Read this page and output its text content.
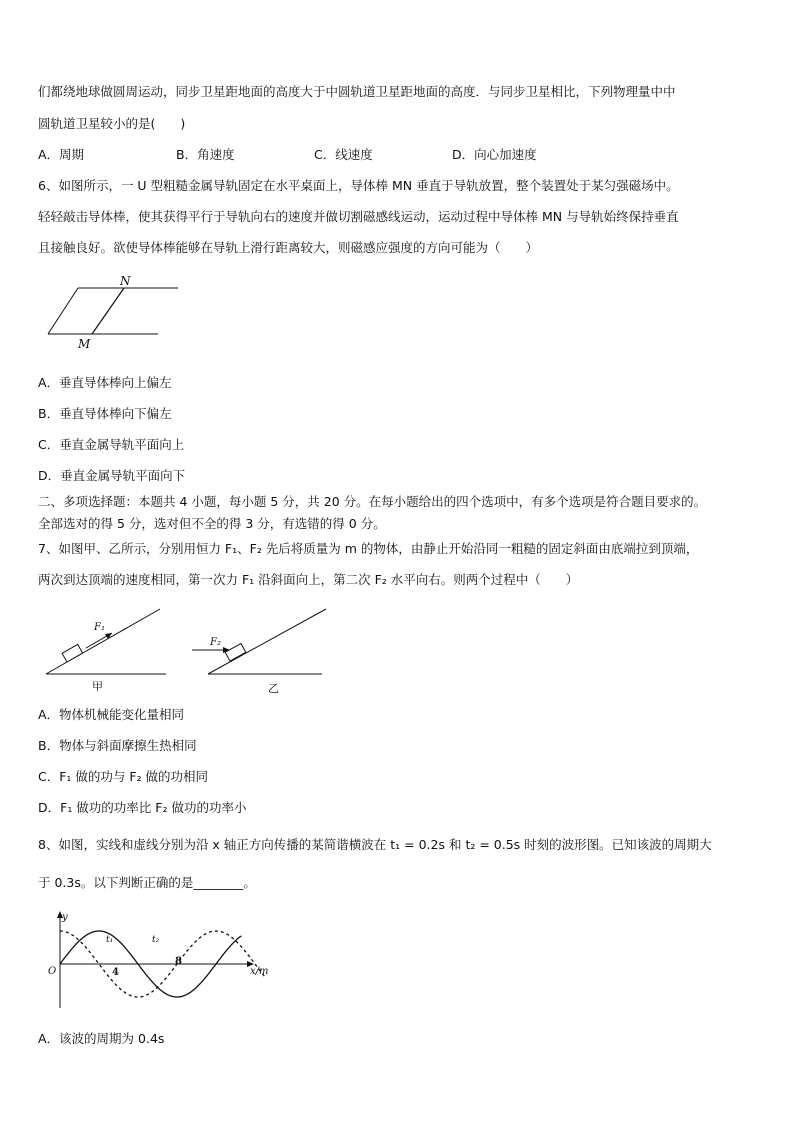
们都绕地球做圆周运动，同步卫星距地面的高度大于中圆轨道卫星距地面的高度．与同步卫星相比，下列物理量中中
圆轨道卫星较小的是(　　)
A．周期	B．角速度	C．线速度	D．向心加速度
6、如图所示，一 U 型粗糙金属导轨固定在水平桌面上，导体棒 MN 垂直于导轨放置，整个装置处于某匀强磁场中。
轻轻敲击导体棒，使其获得平行于导轨向右的速度并做切割磁感线运动，运动过程中导体棒 MN 与导轨始终保持垂直
且接触良好。欲使导体棒能够在导轨上滑行距离较大，则磁感应强度的方向可能为（　　）
N
M
A．垂直导体棒向上偏左
B．垂直导体棒向下偏左
C．垂直金属导轨平面向上
D．垂直金属导轨平面向下
二、多项选择题：本题共 4 小题，每小题 5 分，共 20 分。在每小题给出的四个选项中，有多个选项是符合题目要求的。
全部选对的得 5 分，选对但不全的得 3 分，有选错的得 0 分。
7、如图甲、乙所示，分别用恒力 F₁、F₂ 先后将质量为 m 的物体，由静止开始沿同一粗糙的固定斜面由底端拉到顶端，
两次到达顶端的速度相同，第一次力 F₁ 沿斜面向上，第二次 F₂ 水平向右。则两个过程中（　　）
F₁
甲
F₂
乙
A．物体机械能变化量相同
B．物体与斜面摩擦生热相同
C．F₁ 做的功与 F₂ 做的功相同
D．F₁ 做功的功率比 F₂ 做功的功率小
8、如图，实线和虚线分别为沿 x 轴正方向传播的某简谐横波在 t₁ = 0.2s 和 t₂ = 0.5s 时刻的波形图。已知该波的周期大
于 0.3s。以下判断正确的是________。
y
O	x/m
4
8
t₁	t₂
A．该波的周期为 0.4s
